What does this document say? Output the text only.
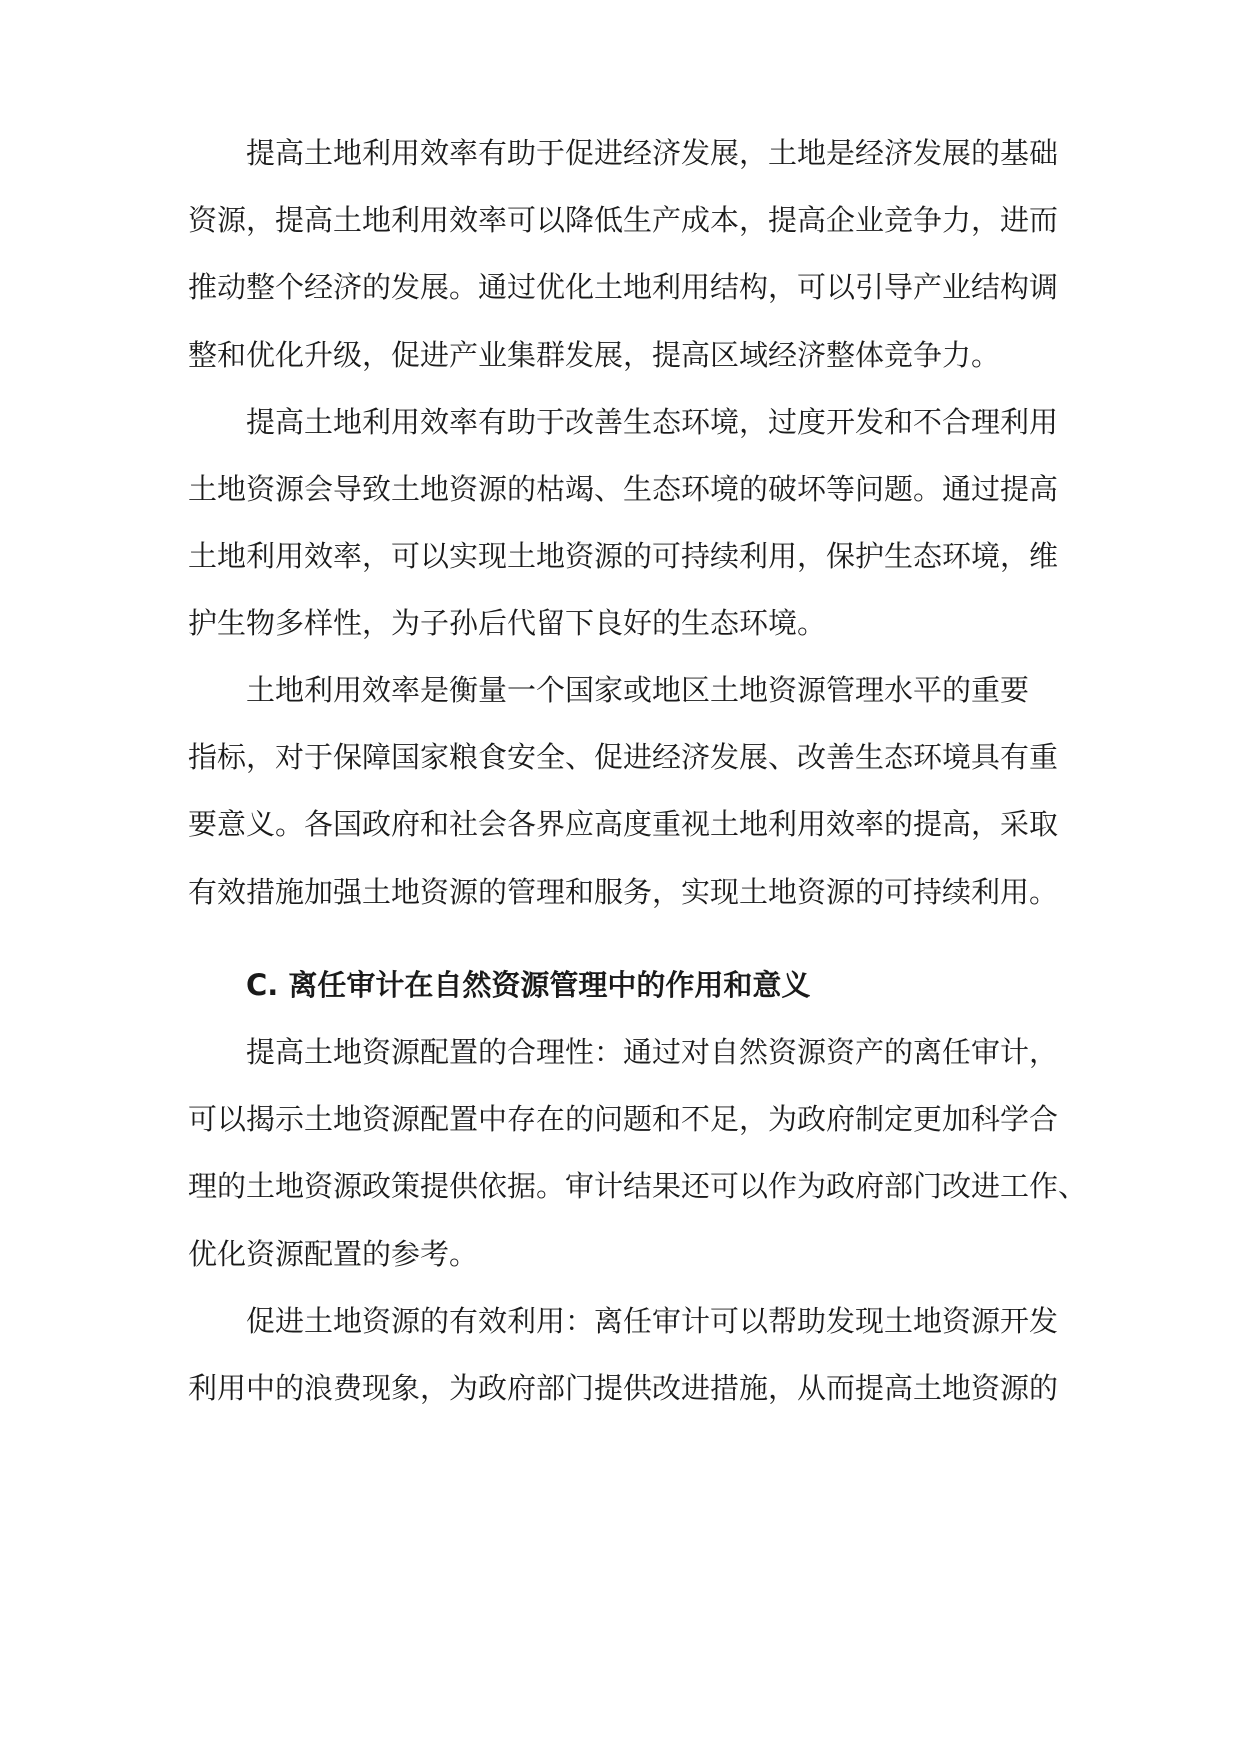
提高土地利用效率有助于促进经济发展，土地是经济发展的基础
资源，提高土地利用效率可以降低生产成本，提高企业竞争力，进而
推动整个经济的发展。通过优化土地利用结构，可以引导产业结构调
整和优化升级，促进产业集群发展，提高区域经济整体竞争力。
提高土地利用效率有助于改善生态环境，过度开发和不合理利用
土地资源会导致土地资源的枯竭、生态环境的破坏等问题。通过提高
土地利用效率，可以实现土地资源的可持续利用，保护生态环境，维
护生物多样性，为子孙后代留下良好的生态环境。
土地利用效率是衡量一个国家或地区土地资源管理水平的重要
指标，对于保障国家粮食安全、促进经济发展、改善生态环境具有重
要意义。各国政府和社会各界应高度重视土地利用效率的提高，采取
有效措施加强土地资源的管理和服务，实现土地资源的可持续利用。
C. 离任审计在自然资源管理中的作用和意义
提高土地资源配置的合理性：通过对自然资源资产的离任审计，
可以揭示土地资源配置中存在的问题和不足，为政府制定更加科学合
理的土地资源政策提供依据。审计结果还可以作为政府部门改进工作、
优化资源配置的参考。
促进土地资源的有效利用：离任审计可以帮助发现土地资源开发
利用中的浪费现象，为政府部门提供改进措施，从而提高土地资源的
